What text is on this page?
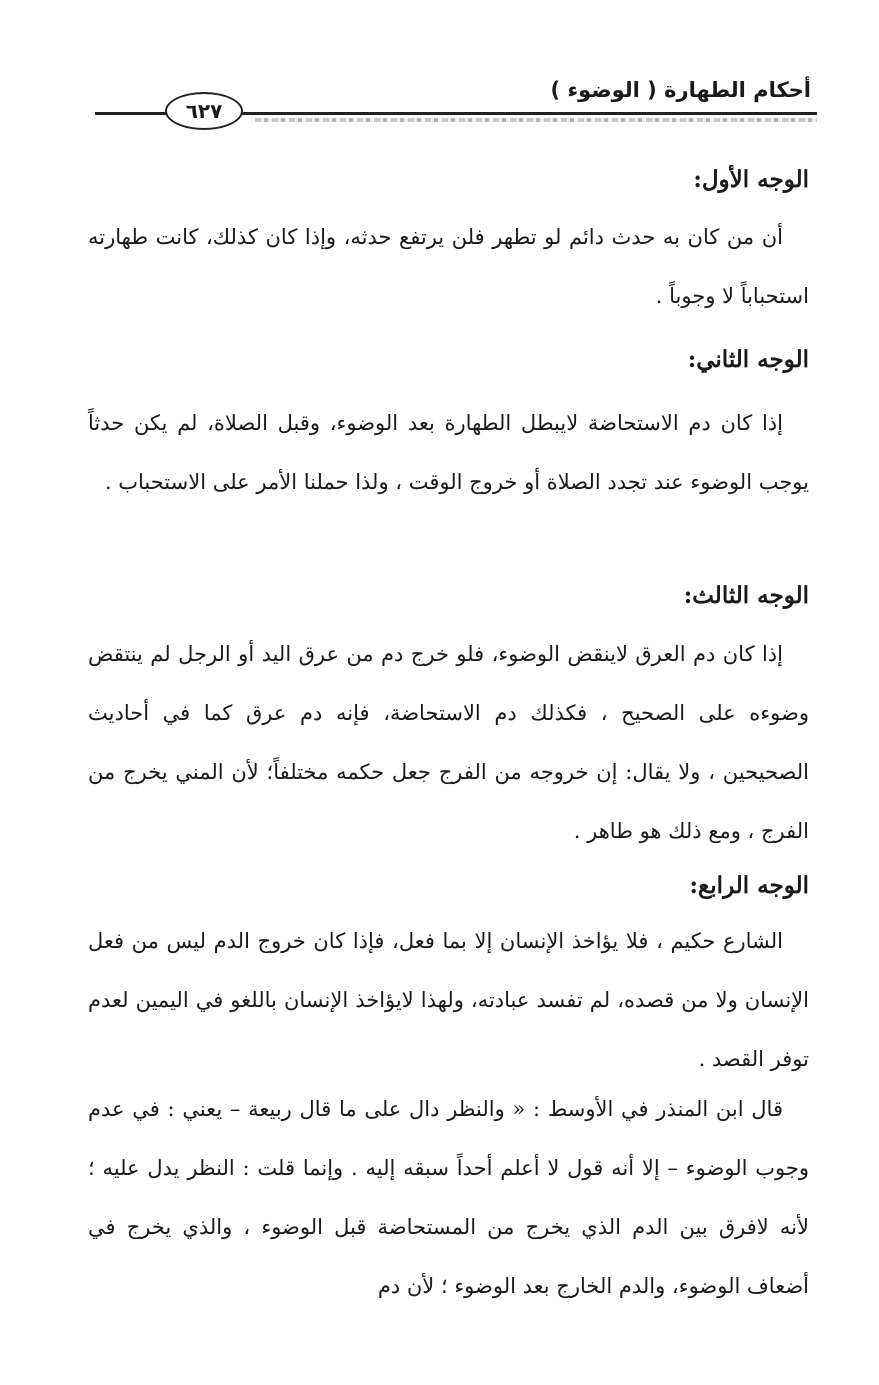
أحكام الطهارة ( الوضوء )
٦٢٧
الوجه الأول:

أن من كان به حدث دائم لو تطهر فلن يرتفع حدثه، وإذا كان كذلك، كانت طهارته استحباباً لا وجوباً .

الوجه الثاني:

إذا كان دم الاستحاضة لايبطل الطهارة بعد الوضوء، وقبل الصلاة، لم يكن حدثاً يوجب الوضوء عند تجدد الصلاة أو خروج الوقت ، ولذا حملنا الأمر على الاستحباب .

الوجه الثالث:

إذا كان دم العرق لاينقض الوضوء، فلو خرج دم من عرق اليد أو الرجل لم ينتقض وضوءه على الصحيح ، فكذلك دم الاستحاضة، فإنه دم عرق كما في أحاديث الصحيحين ، ولا يقال: إن خروجه من الفرج جعل حكمه مختلفاً؛ لأن المني يخرج من الفرج ، ومع ذلك هو طاهر .

الوجه الرابع:

الشارع حكيم ، فلا يؤاخذ الإنسان إلا بما فعل، فإذا كان خروج الدم ليس من فعل الإنسان ولا من قصده، لم تفسد عبادته، ولهذا لايؤاخذ الإنسان باللغو في اليمين لعدم توفر القصد .

قال ابن المنذر في الأوسط : « والنظر دال على ما قال ربيعة – يعني : في عدم وجوب الوضوء – إلا أنه قول لا أعلم أحداً سبقه إليه . وإنما قلت : النظر يدل عليه ؛ لأنه لافرق بين الدم الذي يخرج من المستحاضة قبل الوضوء ، والذي يخرج في أضعاف الوضوء، والدم الخارج بعد الوضوء ؛ لأن دم
